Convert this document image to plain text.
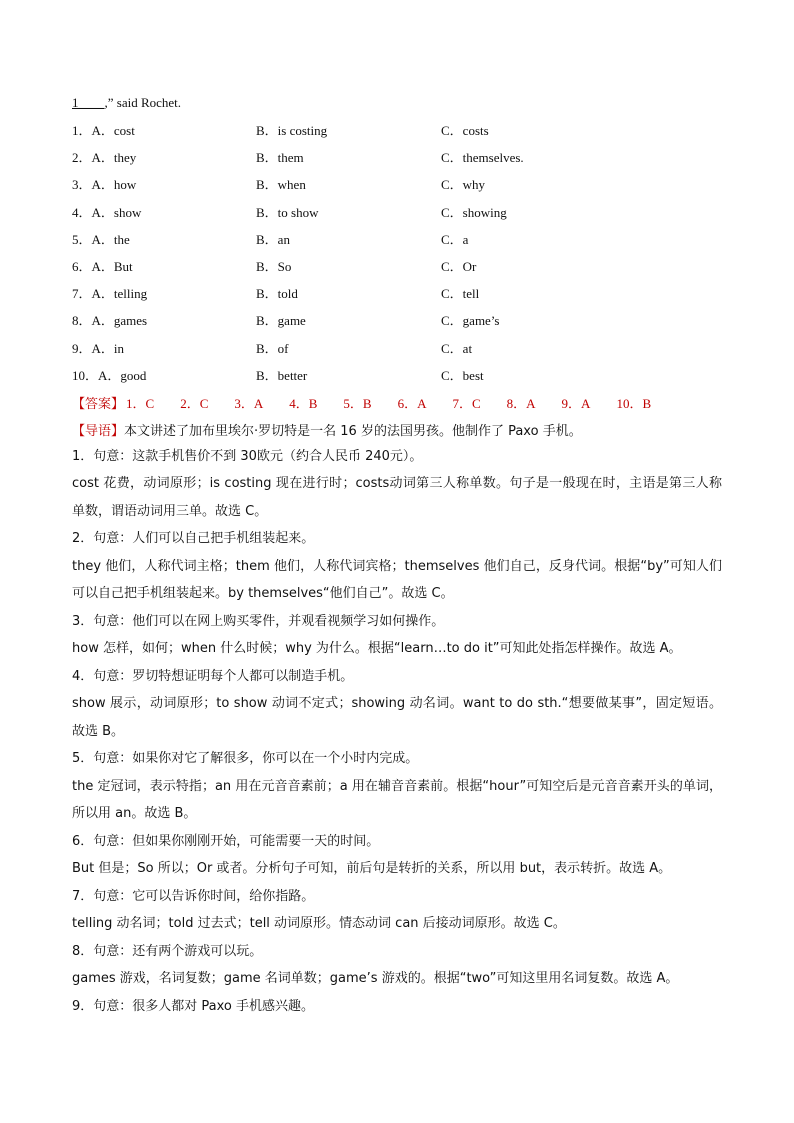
1____,” said Rochet.
1．A．cost	B．is costing	C．costs
2．A．they	B．them	C．themselves.
3．A．how	B．when	C．why
4．A．show	B．to show	C．showing
5．A．the	B．an	C．a
6．A．But	B．So	C．Or
7．A．telling	B．told	C．tell
8．A．games	B．game	C．game’s
9．A．in	B．of	C．at
10．A．good	B．better	C．best
【答案】 1．C 2．C 3．A 4．B 5．B 6．A 7．C 8．A 9．A 10．B
【导语】 本文讲述了加布里埃尔·罗切特是一名 16 岁的法国男孩。他制作了 Paxo 手机。

1．句意：这款手机售价不到 30欧元（约合人民币 240元）。

cost 花费，动词原形；is costing 现在进行时；costs动词第三人称单数。句子是一般现在时，主语是第三人称单数，谓语动词用三单。故选 C。

2．句意：人们可以自己把手机组装起来。

they 他们，人称代词主格；them 他们，人称代词宾格；themselves 他们自己，反身代词。根据“by”可知人们可以自己把手机组装起来。by themselves“他们自己”。故选 C。

3．句意：他们可以在网上购买零件，并观看视频学习如何操作。

how 怎样，如何；when 什么时候；why 为什么。根据“learn…to do it”可知此处指怎样操作。故选 A。

4．句意：罗切特想证明每个人都可以制造手机。

show 展示，动词原形；to show 动词不定式；showing 动名词。want to do sth.“想要做某事”，固定短语。故选 B。

5．句意：如果你对它了解很多，你可以在一个小时内完成。

the 定冠词，表示特指；an 用在元音音素前；a 用在辅音音素前。根据“hour”可知空后是元音音素开头的单词，所以用 an。故选 B。

6．句意：但如果你刚刚开始，可能需要一天的时间。

But 但是；So 所以；Or 或者。分析句子可知，前后句是转折的关系，所以用 but，表示转折。故选 A。

7．句意：它可以告诉你时间，给你指路。

telling 动名词；told 过去式；tell 动词原形。情态动词 can 后接动词原形。故选 C。

8．句意：还有两个游戏可以玩。

games 游戏，名词复数；game 名词单数；game’s 游戏的。根据“two”可知这里用名词复数。故选 A。

9．句意：很多人都对 Paxo 手机感兴趣。
